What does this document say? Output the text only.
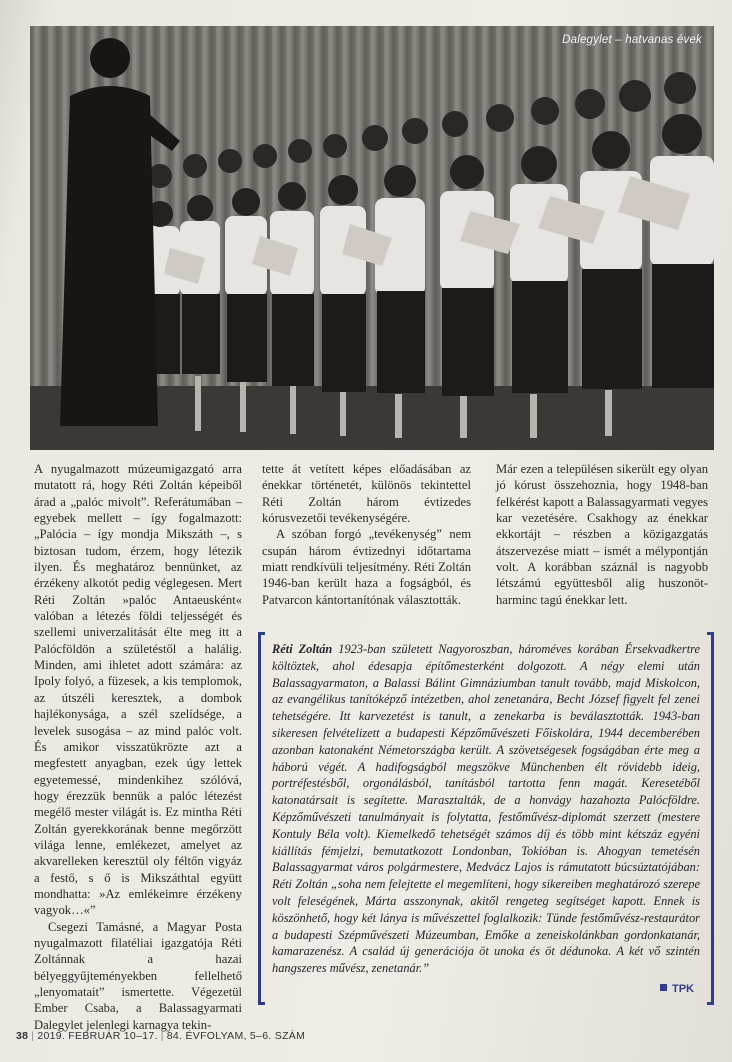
Dalegylet – hatvanas évek

A nyugalmazott múzeumigazgató arra mutatott rá, hogy Réti Zoltán képeiből árad a „palóc mivolt”. Referátumában – egyebek mellett – így fogalmazott: „Palócia – így mondja Mikszáth –, s biztosan tudom, érzem, hogy létezik ilyen. És meghatároz bennünket, az érzékeny alkotót pedig véglegesen. Mert Réti Zoltán »palóc Antaeusként« valóban a létezés földi teljességét és szellemi univerzalitását élte meg itt a Palócföldön a születéstől a halálig. Minden, ami ihletet adott számára: az Ipoly folyó, a füzesek, a kis templomok, az útszéli keresztek, a dombok hajlékonysága, a szél szelídsége, a levelek susogása – az mind palóc volt. És amikor visszatükrözte azt a megfestett anyagban, ezek úgy lettek egyetemessé, mindenkihez szólóvá, hogy érezzük bennük a palóc létezést megélő mester világát is. Ez mintha Réti Zoltán gyerekkorának benne megőrzött világa lenne, emlékezet, amelyet az akvarelleken keresztül oly féltőn vigyáz a festő, s ő is Mikszáthtal együtt mondhatta: »Az emlékeimre érzékeny vagyok…«”

Csegezi Tamásné, a Magyar Posta nyugalmazott filatéliai igazgatója Réti Zoltánnak a hazai bélyeggyűjteményekben fellelhető „lenyomatait” ismertette. Végezetül Ember Csaba, a Balassagyarmati Dalegylet jelenlegi karnagya tekin-

tette át vetített képes előadásában az énekkar történetét, különös tekintettel Réti Zoltán három évtizedes kórusvezetői tevékenységére.

A szóban forgó „tevékenység” nem csupán három évtizednyi időtartama miatt rendkívüli teljesítmény. Réti Zoltán 1946-ban került haza a fogságból, és Patvarcon kántortanítónak választották.

Már ezen a településen sikerült egy olyan jó kórust összehoznia, hogy 1948-ban felkérést kapott a Balassagyarmati vegyes kar vezetésére. Csakhogy az énekkar ekkortájt – részben a közigazgatás átszervezése miatt – ismét a mélypontján volt. A korábban száznál is nagyobb létszámú együttesből alig huszonöt-harminc tagú énekkar lett.

Réti Zoltán 1923-ban született Nagyoroszban, hároméves korában Érsekvadkertre költöztek, ahol édesapja építőmesterként dolgozott. A négy elemi után Balassagyarmaton, a Balassi Bálint Gimnáziumban tanult tovább, majd Miskolcon, az evangélikus tanítóképző intézetben, ahol zenetanára, Becht József figyelt fel zenei tehetségére. Itt karvezetést is tanult, a zenekarba is beválasztották. 1943-ban sikeresen felvételizett a budapesti Képzőművészeti Főiskolára, 1944 decemberében azonban katonaként Németországba került. A szövetségesek fogságában érte meg a háború végét. A hadifogságból megszökve Münchenben élt rövidebb ideig, portréfestésből, orgonálásból, tanításból tartotta fenn magát. Keresetéből katonatársait is segítette. Marasztalták, de a honvágy hazahozta Palócföldre. Képzőművészeti tanulmányait is folytatta, festőművész-diplomát szerzett (mestere Kontuly Béla volt). Kiemelkedő tehetségét számos díj és több mint kétszáz egyéni kiállítás fémjelzi, bemutatkozott Londonban, Tokióban is. Ahogyan temetésén Balassagyarmat város polgármestere, Medvácz Lajos is rámutatott búcsúztatójában: Réti Zoltán „soha nem felejtette el megemlíteni, hogy sikereiben meghatározó szerepe volt feleségének, Márta asszonynak, akitől rengeteg segítséget kapott. Ennek is köszönhető, hogy két lánya is művészettel foglalkozik: Tünde festőművész-restaurátor a budapesti Szépművészeti Múzeumban, Emőke a zeneiskolánkban gordonkatanár, kamarazenész. A család új generációja öt unoka és öt dédunoka. A két vő szintén hangszeres művész, zenetanár.”
TPK
38 | 2019. FEBRUÁR 10–17. | 84. ÉVFOLYAM, 5–6. SZÁM
